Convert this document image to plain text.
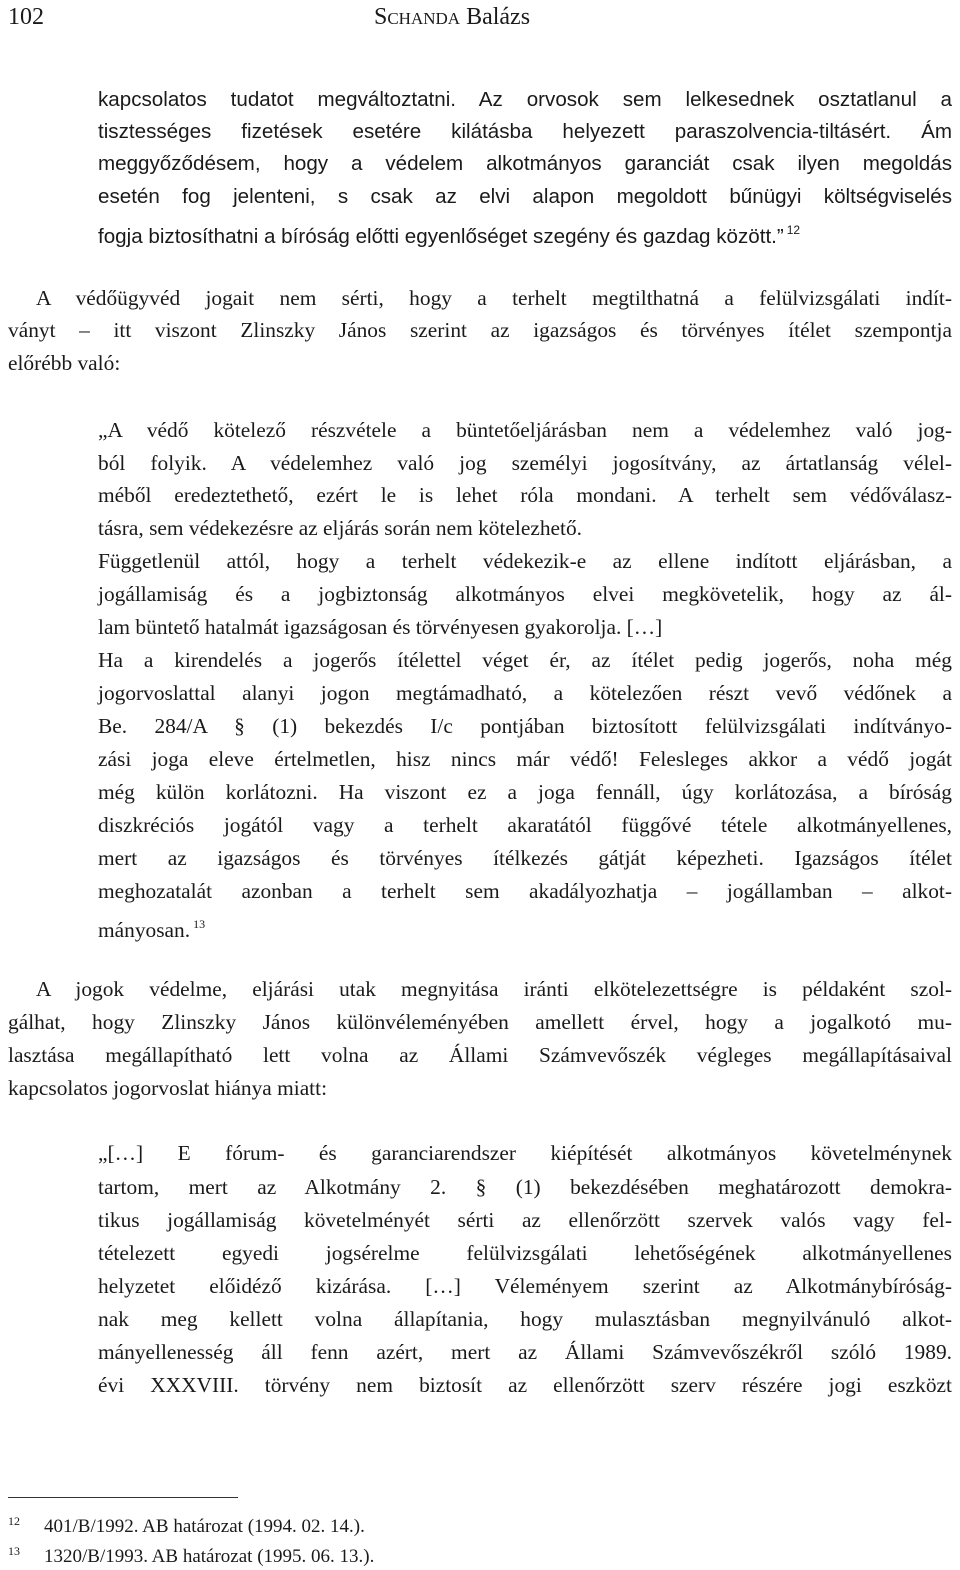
102	Schanda Balázs
kapcsolatos tudatot megváltoztatni. Az orvosok sem lelkesednek osztatlanul a
tisztességes fizetések esetére kilátásba helyezett paraszolvencia-tiltásért. Ám
meggyőződésem, hogy a védelem alkotmányos garanciát csak ilyen megoldás
esetén fog jelenteni, s csak az elvi alapon megoldott bűnügyi költségviselés
fogja biztosíthatni a bíróság előtti egyenlőséget szegény és gazdag között.” $^{12}$
A védőügyvéd jogait nem sérti, hogy a terhelt megtilthatná a felülvizsgálati indít-
ványt – itt viszont Zlinszky János szerint az igazságos és törvényes ítélet szempontja
előrébb való:
„A védő kötelező részvétele a büntetőeljárásban nem a védelemhez való jog-
ból folyik. A védelemhez való jog személyi jogosítvány, az ártatlanság vélel-
méből eredeztethető, ezért le is lehet róla mondani. A terhelt sem védőválasz-
tásra, sem védekezésre az eljárás során nem kötelezhető.
Függetlenül attól, hogy a terhelt védekezik-e az ellene indított eljárásban, a
jogállamiság és a jogbiztonság alkotmányos elvei megkövetelik, hogy az ál-
lam büntető hatalmát igazságosan és törvényesen gyakorolja. […]
Ha a kirendelés a jogerős ítélettel véget ér, az ítélet pedig jogerős, noha még
jogorvoslattal alanyi jogon megtámadható, a kötelezően részt vevő védőnek a
Be. 284/A § (1) bekezdés I/c pontjában biztosított felülvizsgálati indítványo-
zási joga eleve értelmetlen, hisz nincs már védő! Felesleges akkor a védő jogát
még külön korlátozni. Ha viszont ez a joga fennáll, úgy korlátozása, a bíróság
diszkréciós jogától vagy a terhelt akaratától függővé tétele alkotmányellenes,
mert az igazságos és törvényes ítélkezés gátját képezheti. Igazságos ítélet
meghozatalát azonban a terhelt sem akadályozhatja – jogállamban – alkot-
mányosan. $^{13}$
A jogok védelme, eljárási utak megnyitása iránti elkötelezettségre is példaként szol-
gálhat, hogy Zlinszky János különvéleményében amellett érvel, hogy a jogalkotó mu-
lasztása megállapítható lett volna az Állami Számvevőszék végleges megállapításaival
kapcsolatos jogorvoslat hiánya miatt:
„[…] E fórum- és garanciarendszer kiépítését alkotmányos követelménynek
tartom, mert az Alkotmány 2. § (1) bekezdésében meghatározott demokra-
tikus jogállamiság követelményét sérti az ellenőrzött szervek valós vagy fel-
tételezett egyedi jogsérelme felülvizsgálati lehetőségének alkotmányellenes
helyzetet előidéző kizárása. […] Véleményem szerint az Alkotmánybíróság-
nak meg kellett volna állapítania, hogy mulasztásban megnyilvánuló alkot-
mányellenesség áll fenn azért, mert az Állami Számvevőszékről szóló 1989.
évi XXXVIII. törvény nem biztosít az ellenőrzött szerv részére jogi eszközt
12 401/B/1992. AB határozat (1994. 02. 14.).
13 1320/B/1993. AB határozat (1995. 06. 13.).
